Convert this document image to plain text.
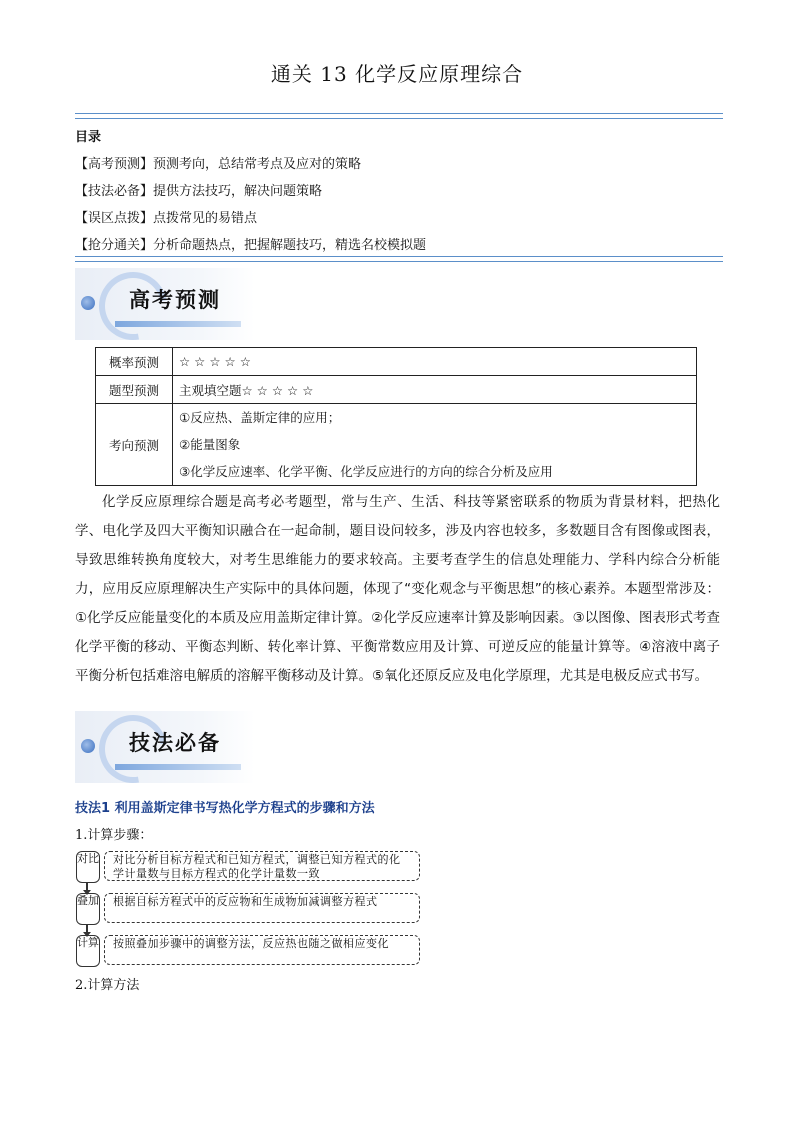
通关 13 化学反应原理综合
目录
【高考预测】预测考向，总结常考点及应对的策略
【技法必备】提供方法技巧，解决问题策略
【误区点拨】点拨常见的易错点
【抢分通关】分析命题热点，把握解题技巧，精选名校模拟题
高考预测
概率预测	☆ ☆ ☆ ☆ ☆
题型预测	主观填空题☆ ☆ ☆ ☆ ☆
考向预测	①反应热、盖斯定律的应用；
②能量图象
③化学反应速率、化学平衡、化学反应进行的方向的综合分析及应用
化学反应原理综合题是高考必考题型，常与生产、生活、科技等紧密联系的物质为背景材料，把热化学、电化学及四大平衡知识融合在一起命制，题目设问较多，涉及内容也较多，多数题目含有图像或图表，导致思维转换角度较大，对考生思维能力的要求较高。主要考查学生的信息处理能力、学科内综合分析能力，应用反应原理解决生产实际中的具体问题，体现了“变化观念与平衡思想”的核心素养。本题型常涉及：①化学反应能量变化的本质及应用盖斯定律计算。②化学反应速率计算及影响因素。③以图像、图表形式考查化学平衡的移动、平衡态判断、转化率计算、平衡常数应用及计算、可逆反应的能量计算等。④溶液中离子平衡分析包括难溶电解质的溶解平衡移动及计算。⑤氧化还原反应及电化学原理，尤其是电极反应式书写。
技法必备
技法1 利用盖斯定律书写热化学方程式的步骤和方法
1.计算步骤：
对比	对比分析目标方程式和已知方程式，调整已知方程式的化学计量数与目标方程式的化学计量数一致
叠加	根据目标方程式中的反应物和生成物加减调整方程式
计算	按照叠加步骤中的调整方法，反应热也随之做相应变化
2.计算方法
